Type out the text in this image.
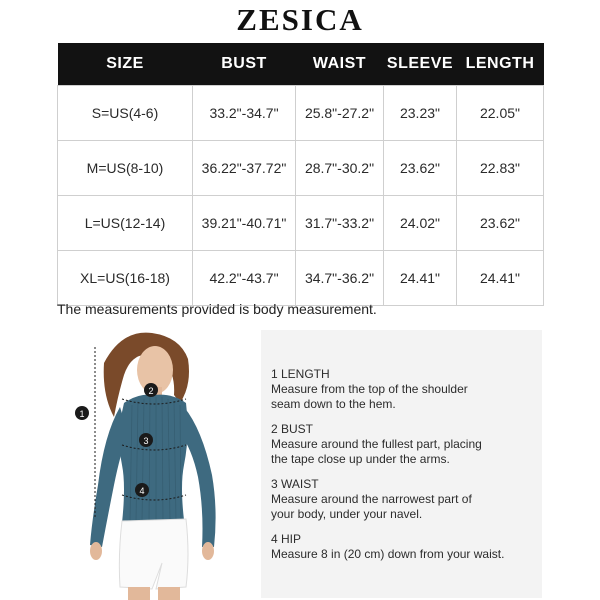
ZESICA
SIZE	BUST	WAIST	SLEEVE	LENGTH
S=US(4-6)	33.2"-34.7"	25.8"-27.2"	23.23"	22.05"
M=US(8-10)	36.22"-37.72"	28.7"-30.2"	23.62"	22.83"
L=US(12-14)	39.21"-40.71"	31.7"-33.2"	24.02"	23.62"
XL=US(16-18)	42.2"-43.7"	34.7"-36.2"	24.41"	24.41"
The measurements provided is body measurement.
1
2
3
4
1 LENGTH
Measure from the top of the shoulder
seam down to the hem.
2 BUST
Measure around the fullest part, placing
the tape close up under the arms.
3 WAIST
Measure around the narrowest part of
your body, under your navel.
4 HIP
Measure 8 in (20 cm) down from your waist.
